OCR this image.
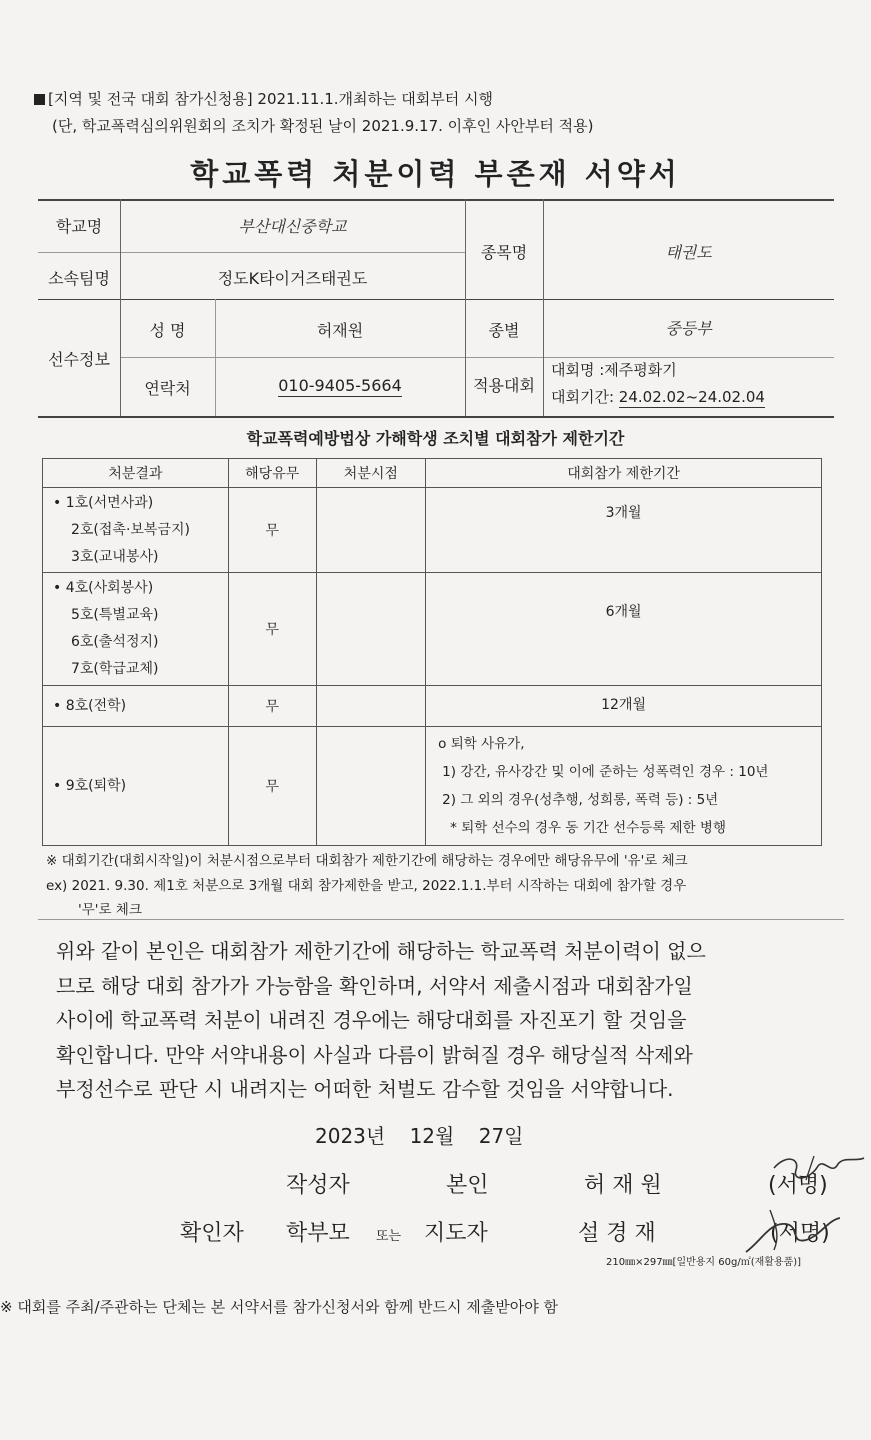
[지역 및 전국 대회 참가신청용] 2021.11.1.개최하는 대회부터 시행
(단, 학교폭력심의위원회의 조치가 확정된 날이 2021.9.17. 이후인 사안부터 적용)
학교폭력 처분이력 부존재 서약서
학교명	부산대신중학교
소속팀명	정도K타이거즈태권도
종목명	태권도
선수정보
성 명	허재원	종별	중등부
연락처	010-9405-5664	적용대회
대회명 :제주평화기
대회기간: 24.02.02~24.02.04
학교폭력예방법상 가해학생 조치별 대회참가 제한기간
처분결과	해당유무	처분시점	대회참가 제한기간

• 1호(서면사과)
2호(접촉·보복금지)
3호(교내봉사)	무		3개월

• 4호(사회봉사)
5호(특별교육)
6호(출석정지)
7호(학급교체)	무		6개월

• 8호(전학)	무		12개월

• 9호(퇴학)	무		o 퇴학 사유가,
1) 강간, 유사강간 및 이에 준하는 성폭력인 경우 : 10년
2) 그 외의 경우(성추행, 성희롱, 폭력 등) : 5년
* 퇴학 선수의 경우 동 기간 선수등록 제한 병행
※ 대회기간(대회시작일)이 처분시점으로부터 대회참가 제한기간에 해당하는 경우에만 해당유무에 '유'로 체크
ex) 2021. 9.30. 제1호 처분으로 3개월 대회 참가제한을 받고, 2022.1.1.부터 시작하는 대회에 참가할 경우
'무'로 체크
위와 같이 본인은 대회참가 제한기간에 해당하는 학교폭력 처분이력이 없으
므로 해당 대회 참가가 가능함을 확인하며, 서약서 제출시점과 대회참가일
사이에 학교폭력 처분이 내려진 경우에는 해당대회를 자진포기 할 것임을
확인합니다. 만약 서약내용이 사실과 다름이 밝혀질 경우 해당실적 삭제와
부정선수로 판단 시 내려지는 어떠한 처벌도 감수할 것임을 서약합니다.
2023년 12월 27일
작성자	본인	허 재 원	(서명)
확인자 학부모 또는 지도자	설 경 재	(서명)
210㎜×297㎜[일반용지 60g/㎡(재활용품)]
※ 대회를 주최/주관하는 단체는 본 서약서를 참가신청서와 함께 반드시 제출받아야 함
